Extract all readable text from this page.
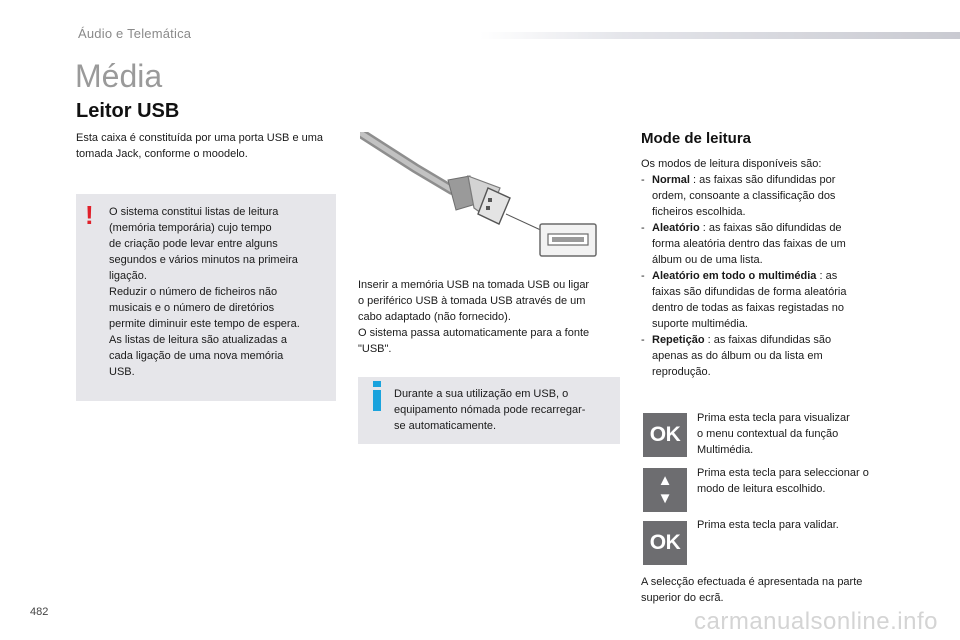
Áudio e Telemática
Média
Leitor USB
Esta caixa é constituída por uma porta USB e uma tomada Jack, conforme o moodelo.
! O sistema constitui listas de leitura
(memória temporária) cujo tempo
de criação pode levar entre alguns
segundos e vários minutos na primeira
ligação.
Reduzir o número de ficheiros não
musicais e o número de diretórios
permite diminuir este tempo de espera.
As listas de leitura são atualizadas a
cada ligação de uma nova memória
USB.
Inserir a memória USB na tomada USB ou ligar
o periférico USB à tomada USB através de um
cabo adaptado (não fornecido).
O sistema passa automaticamente para a fonte
"USB".
Durante a sua utilização em USB, o
equipamento nómada pode recarregar-
se automaticamente.
Mode de leitura
Os modos de leitura disponíveis são:
- Normal : as faixas são difundidas por
ordem, consoante a classificação dos
ficheiros escolhida.
- Aleatório : as faixas são difundidas de
forma aleatória dentro das faixas de um
álbum ou de uma lista.
- Aleatório em todo o multimédia : as
faixas são difundidas de forma aleatória
dentro de todas as faixas registadas no
suporte multimédia.
- Repetição : as faixas difundidas são
apenas as do álbum ou da lista em
reprodução.
OK
Prima esta tecla para visualizar
o menu contextual da função
Multimédia.
▲
▼
Prima esta tecla para seleccionar o
modo de leitura escolhido.
OK
Prima esta tecla para validar.
A selecção efectuada é apresentada na parte
superior do ecrã.
482	carmanualsonline.info
